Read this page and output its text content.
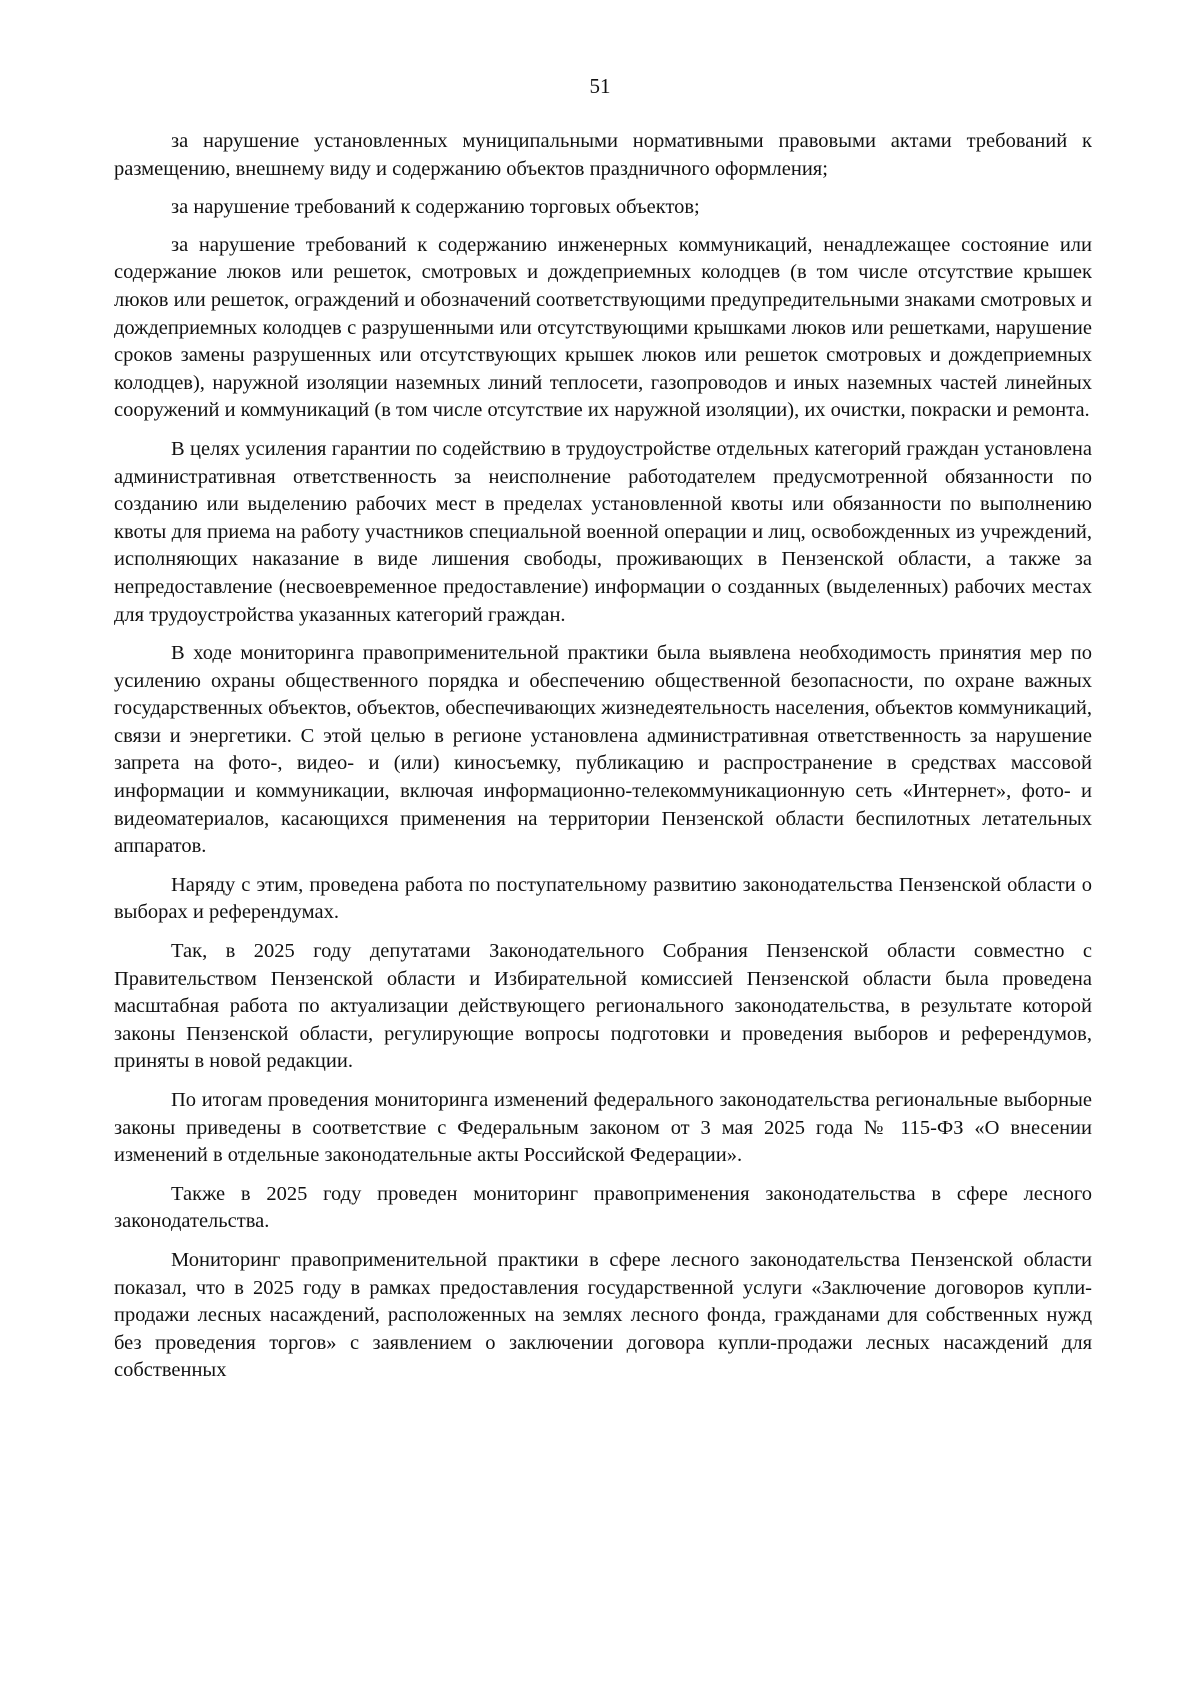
51

за нарушение установленных муниципальными нормативными правовыми актами требований к размещению, внешнему виду и содержанию объектов праздничного оформления;

за нарушение требований к содержанию торговых объектов;

за нарушение требований к содержанию инженерных коммуникаций, ненадлежащее состояние или содержание люков или решеток, смотровых и дождеприемных колодцев (в том числе отсутствие крышек люков или решеток, ограждений и обозначений соответствующими предупредительными знаками смотровых и дождеприемных колодцев с разрушенными или отсутствующими крышками люков или решетками, нарушение сроков замены разрушенных или отсутствующих крышек люков или решеток смотровых и дождеприемных колодцев), наружной изоляции наземных линий теплосети, газопроводов и иных наземных частей линейных сооружений и коммуникаций (в том числе отсутствие их наружной изоляции), их очистки, покраски и ремонта.

В целях усиления гарантии по содействию в трудоустройстве отдельных категорий граждан установлена административная ответственность за неисполнение работодателем предусмотренной обязанности по созданию или выделению рабочих мест в пределах установленной квоты или обязанности по выполнению квоты для приема на работу участников специальной военной операции и лиц, освобожденных из учреждений, исполняющих наказание в виде лишения свободы, проживающих в Пензенской области, а также за непредоставление (несвоевременное предоставление) информации о созданных (выделенных) рабочих местах для трудоустройства указанных категорий граждан.

В ходе мониторинга правоприменительной практики была выявлена необходимость принятия мер по усилению охраны общественного порядка и обеспечению общественной безопасности, по охране важных государственных объектов, объектов, обеспечивающих жизнедеятельность населения, объектов коммуникаций, связи и энергетики. С этой целью в регионе установлена административная ответственность за нарушение запрета на фото-, видео- и (или) киносъемку, публикацию и распространение в средствах массовой информации и коммуникации, включая информационно-телекоммуникационную сеть «Интернет», фото- и видеоматериалов, касающихся применения на территории Пензенской области беспилотных летательных аппаратов.

Наряду с этим, проведена работа по поступательному развитию законодательства Пензенской области о выборах и референдумах.

Так, в 2025 году депутатами Законодательного Собрания Пензенской области совместно с Правительством Пензенской области и Избирательной комиссией Пензенской области была проведена масштабная работа по актуализации действующего регионального законодательства, в результате которой законы Пензенской области, регулирующие вопросы подготовки и проведения выборов и референдумов, приняты в новой редакции.

По итогам проведения мониторинга изменений федерального законодательства региональные выборные законы приведены в соответствие с Федеральным законом от 3 мая 2025 года № 115-ФЗ «О внесении изменений в отдельные законодательные акты Российской Федерации».

Также в 2025 году проведен мониторинг правоприменения законодательства в сфере лесного законодательства.

Мониторинг правоприменительной практики в сфере лесного законодательства Пензенской области показал, что в 2025 году в рамках предоставления государственной услуги «Заключение договоров купли-продажи лесных насаждений, расположенных на землях лесного фонда, гражданами для собственных нужд без проведения торгов» с заявлением о заключении договора купли-продажи лесных насаждений для собственных
